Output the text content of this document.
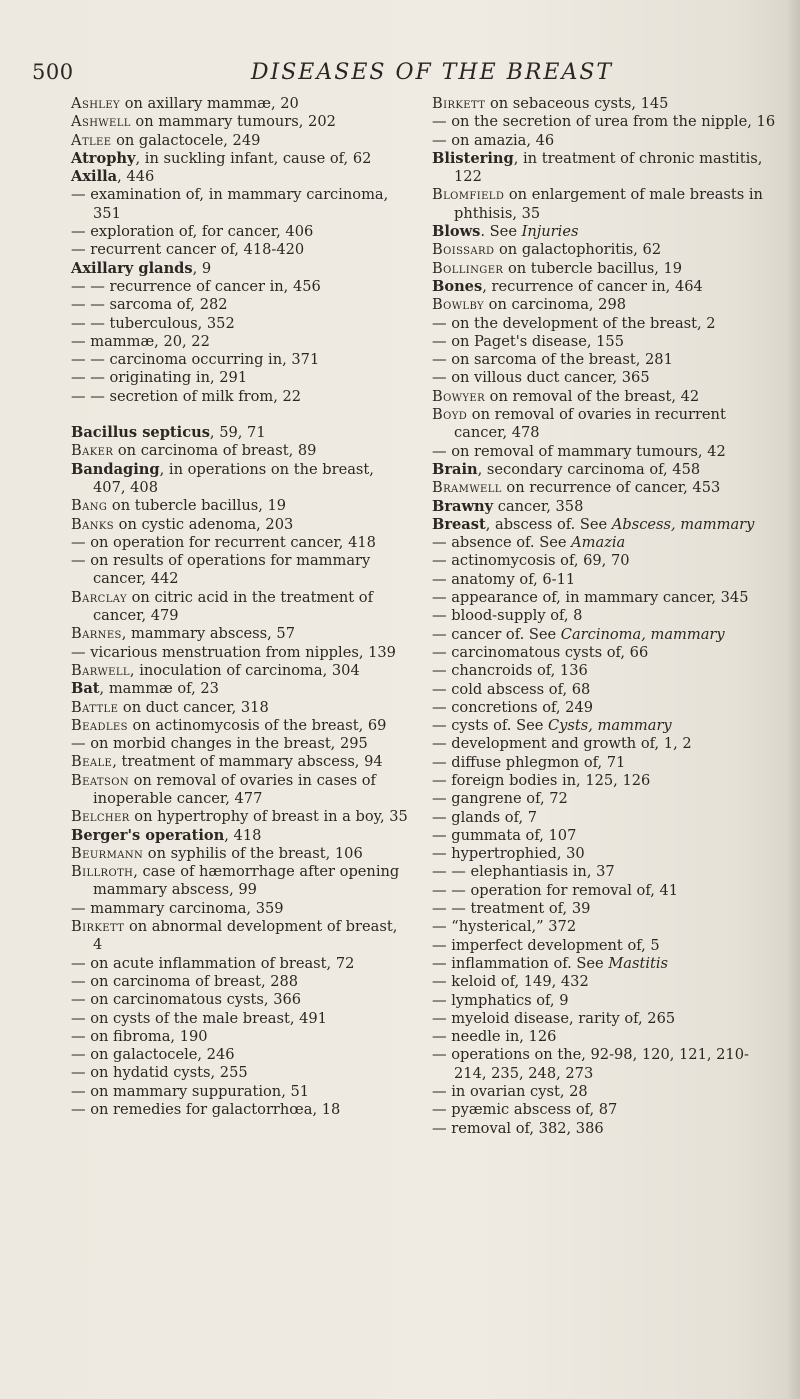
500	DISEASES OF THE BREAST

Ashley on axillary mammæ, 20

Ashwell on mammary tumours, 202

Atlee on galactocele, 249

Atrophy, in suckling infant, cause of, 62

Axilla, 446

— examination of, in mammary carcinoma, 351

— exploration of, for cancer, 406

— recurrent cancer of, 418-420

Axillary glands, 9

— — recurrence of cancer in, 456

— — sarcoma of, 282

— — tuberculous, 352

— mammæ, 20, 22

— — carcinoma occurring in, 371

— — originating in, 291

— — secretion of milk from, 22

Bacillus septicus, 59, 71

Baker on carcinoma of breast, 89

Bandaging, in operations on the breast, 407, 408

Bang on tubercle bacillus, 19

Banks on cystic adenoma, 203

— on operation for recurrent cancer, 418

— on results of operations for mammary cancer, 442

Barclay on citric acid in the treatment of cancer, 479

Barnes, mammary abscess, 57

— vicarious menstruation from nipples, 139

Barwell, inoculation of carcinoma, 304

Bat, mammæ of, 23

Battle on duct cancer, 318

Beadles on actinomycosis of the breast, 69

— on morbid changes in the breast, 295

Beale, treatment of mammary abscess, 94

Beatson on removal of ovaries in cases of inoperable cancer, 477

Belcher on hypertrophy of breast in a boy, 35

Berger's operation, 418

Beurmann on syphilis of the breast, 106

Billroth, case of hæmorrhage after opening mammary abscess, 99

— mammary carcinoma, 359

Birkett on abnormal development of breast, 4

— on acute inflammation of breast, 72

— on carcinoma of breast, 288

— on carcinomatous cysts, 366

— on cysts of the male breast, 491

— on fibroma, 190

— on galactocele, 246

— on hydatid cysts, 255

— on mammary suppuration, 51

— on remedies for galactorrhœa, 18

Birkett on sebaceous cysts, 145

— on the secretion of urea from the nipple, 16

— on amazia, 46

Blistering, in treatment of chronic mastitis, 122

Blomfield on enlargement of male breasts in phthisis, 35

Blows. See Injuries

Boissard on galactophoritis, 62

Bollinger on tubercle bacillus, 19

Bones, recurrence of cancer in, 464

Bowlby on carcinoma, 298

— on the development of the breast, 2

— on Paget's disease, 155

— on sarcoma of the breast, 281

— on villous duct cancer, 365

Bowyer on removal of the breast, 42

Boyd on removal of ovaries in recurrent cancer, 478

— on removal of mammary tumours, 42

Brain, secondary carcinoma of, 458

Bramwell on recurrence of cancer, 453

Brawny cancer, 358

Breast, abscess of. See Abscess, mammary

— absence of. See Amazia

— actinomycosis of, 69, 70

— anatomy of, 6-11

— appearance of, in mammary cancer, 345

— blood-supply of, 8

— cancer of. See Carcinoma, mammary

— carcinomatous cysts of, 66

— chancroids of, 136

— cold abscess of, 68

— concretions of, 249

— cysts of. See Cysts, mammary

— development and growth of, 1, 2

— diffuse phlegmon of, 71

— foreign bodies in, 125, 126

— gangrene of, 72

— glands of, 7

— gummata of, 107

— hypertrophied, 30

— — elephantiasis in, 37

— — operation for removal of, 41

— — treatment of, 39

— “hysterical,” 372

— imperfect development of, 5

— inflammation of. See Mastitis

— keloid of, 149, 432

— lymphatics of, 9

— myeloid disease, rarity of, 265

— needle in, 126

— operations on the, 92-98, 120, 121, 210-214, 235, 248, 273

— in ovarian cyst, 28

— pyæmic abscess of, 87

— removal of, 382, 386
